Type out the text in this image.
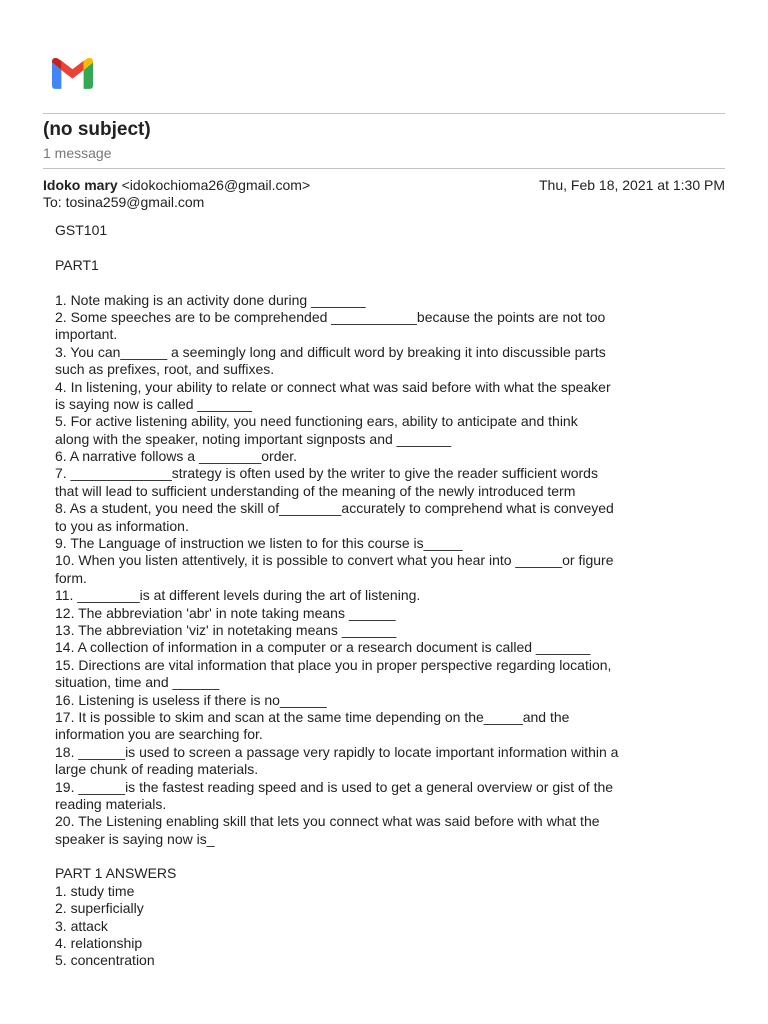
(no subject)
1 message
Idoko mary <idokochioma26@gmail.com>	Thu, Feb 18, 2021 at 1:30 PM
To: tosina259@gmail.com
GST101
PART1
1. Note making is an activity done during _______
2. Some speeches are to be comprehended ___________because the points are not too
important.
3. You can______ a seemingly long and difficult word by breaking it into discussible parts
such as prefixes, root, and suffixes.
4. In listening, your ability to relate or connect what was said before with what the speaker
is saying now is called _______
5. For active listening ability, you need functioning ears, ability to anticipate and think
along with the speaker, noting important signposts and _______
6. A narrative follows a ________order.
7. _____________strategy is often used by the writer to give the reader sufficient words
that will lead to sufficient understanding of the meaning of the newly introduced term
8. As a student, you need the skill of________accurately to comprehend what is conveyed
to you as information.
9. The Language of instruction we listen to for this course is_____
10. When you listen attentively, it is possible to convert what you hear into ______or figure
form.
11. ________is at different levels during the art of listening.
12. The abbreviation 'abr' in note taking means ______
13. The abbreviation 'viz' in notetaking means _______
14. A collection of information in a computer or a research document is called _______
15. Directions are vital information that place you in proper perspective regarding location,
situation, time and ______
16. Listening is useless if there is no______
17. It is possible to skim and scan at the same time depending on the_____and the
information you are searching for.
18. ______is used to screen a passage very rapidly to locate important information within a
large chunk of reading materials.
19. ______is the fastest reading speed and is used to get a general overview or gist of the
reading materials.
20. The Listening enabling skill that lets you connect what was said before with what the
speaker is saying now is_
PART 1 ANSWERS
1. study time
2. superficially
3. attack
4. relationship
5. concentration
